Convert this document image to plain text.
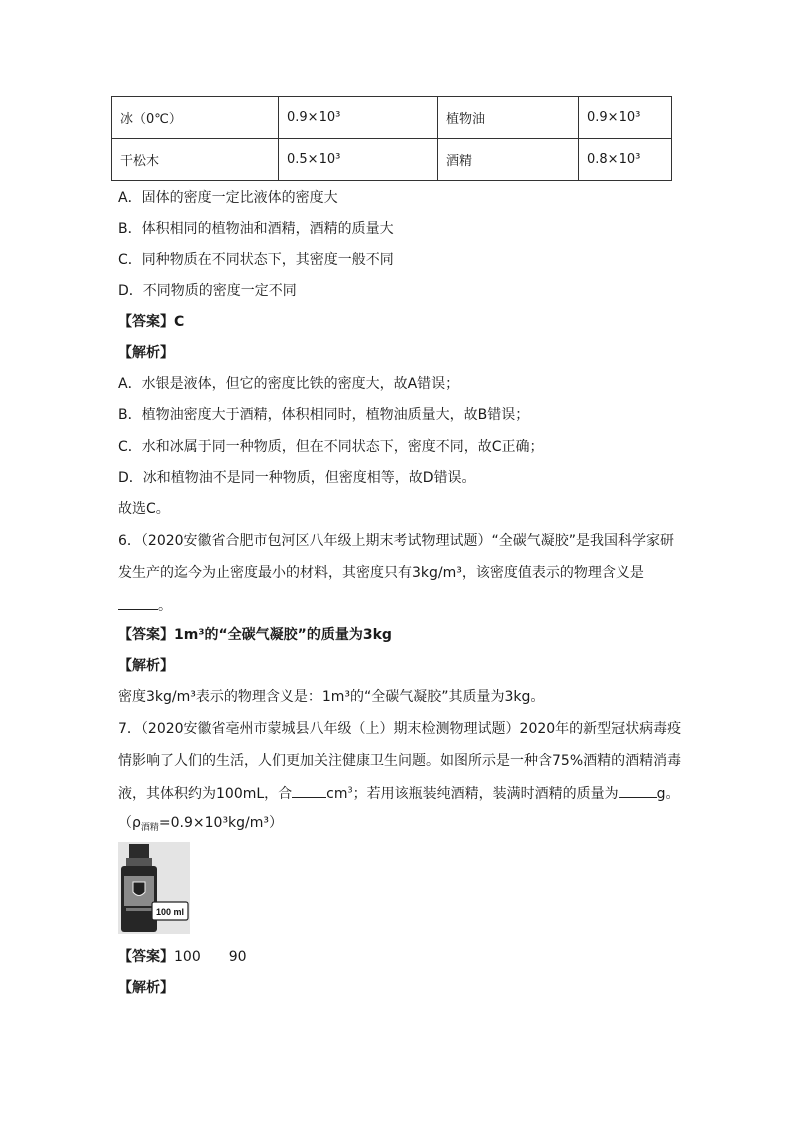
冰（0℃）	0.9×10³	植物油	0.9×10³
干松木	0.5×10³	酒精	0.8×10³
A．固体的密度一定比液体的密度大
B．体积相同的植物油和酒精，酒精的质量大
C．同种物质在不同状态下，其密度一般不同
D．不同物质的密度一定不同
【答案】C
【解析】
A．水银是液体，但它的密度比铁的密度大，故A错误；
B．植物油密度大于酒精，体积相同时，植物油质量大，故B错误；
C．水和冰属于同一种物质，但在不同状态下，密度不同，故C正确；
D．冰和植物油不是同一种物质，但密度相等，故D错误。
故选C。
6．（2020安徽省合肥市包河区八年级上期末考试物理试题）“全碳气凝胶”是我国科学家研
发生产的迄今为止密度最小的材料，其密度只有3kg/m³，该密度值表示的物理含义是
。
【答案】1m³的“全碳气凝胶”的质量为3kg
【解析】
密度3kg/m³表示的物理含义是：1m³的“全碳气凝胶”其质量为3kg。
7．（2020安徽省亳州市蒙城县八年级（上）期末检测物理试题）2020年的新型冠状病毒疫
情影响了人们的生活，人们更加关注健康卫生问题。如图所示是一种含75%酒精的酒精消毒
液，其体积约为100mL，合 $cm^3$；若用该瓶装纯酒精，装满时酒精的质量为	g。
$(\rho_{酒精}=0.9\times 10^3kg/m^3)$
100 ml
【答案】100 90
【解析】
